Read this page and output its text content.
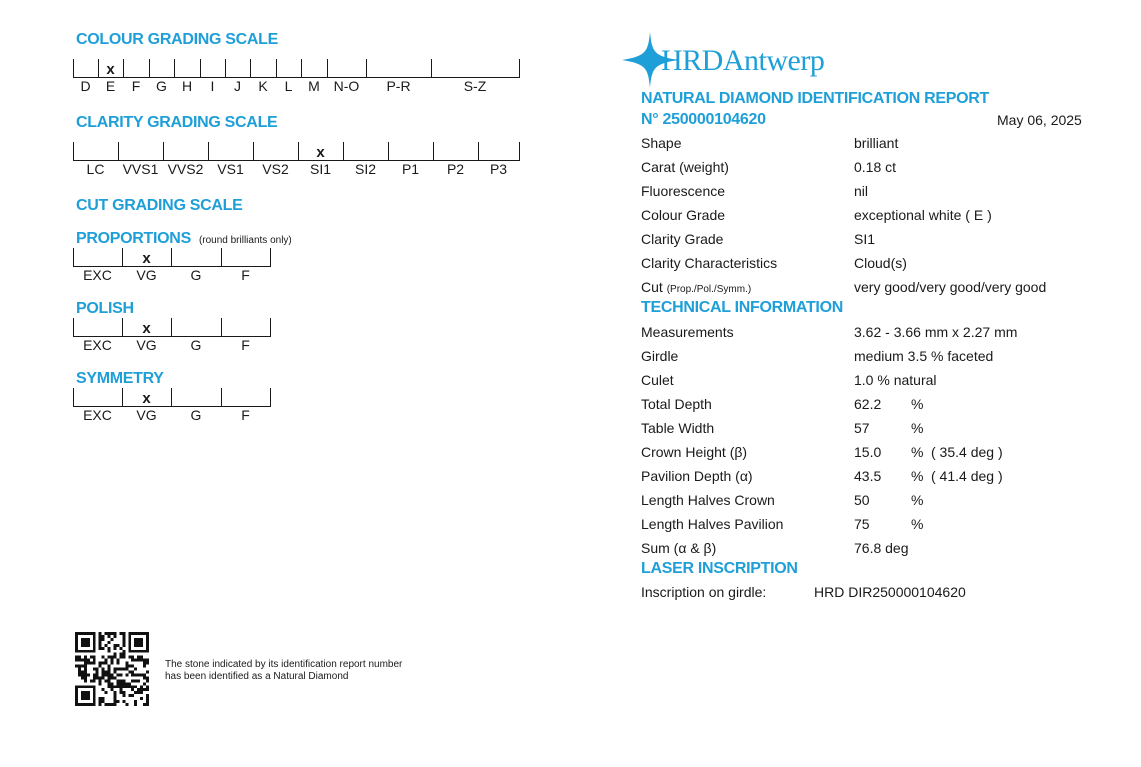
COLOUR GRADING SCALE
D	E
x
F	G	H	I	J	K	L	M N-O	P-R	S-Z
CLARITY GRADING SCALE
LC	VVS1 VVS2 VS1	VS2	SI1
x
SI2	P1	P2	P3
CUT GRADING SCALE
PROPORTIONS (round brilliants only)
EXC	VG
x
G	F
POLISH
EXC	VG
x
G	F
SYMMETRY
EXC	VG
x
G	F
The stone indicated by its identification report number has been identified as a Natural Diamond
HRDAntwerp
NATURAL DIAMOND IDENTIFICATION REPORT
N° 250000104620	May 06, 2025
Shape	brilliant
Carat (weight)	0.18 ct
Fluorescence	nil
Colour Grade	exceptional white ( E )
Clarity Grade	SI1
Clarity Characteristics	Cloud(s)
Cut (Prop./Pol./Symm.)	very good/very good/very good
TECHNICAL INFORMATION
Measurements	3.62 - 3.66 mm x 2.27 mm
Girdle	medium 3.5 % faceted
Culet	1.0 % natural
Total Depth	62.2 %
Table Width	57	%
Crown Height (β)	15.0 % ( 35.4 deg )
Pavilion Depth (α)	43.5 % ( 41.4 deg )
Length Halves Crown	50	%
Length Halves Pavilion	75	%
Sum (α & β)	76.8 deg
LASER INSCRIPTION
Inscription on girdle:	HRD DIR250000104620
